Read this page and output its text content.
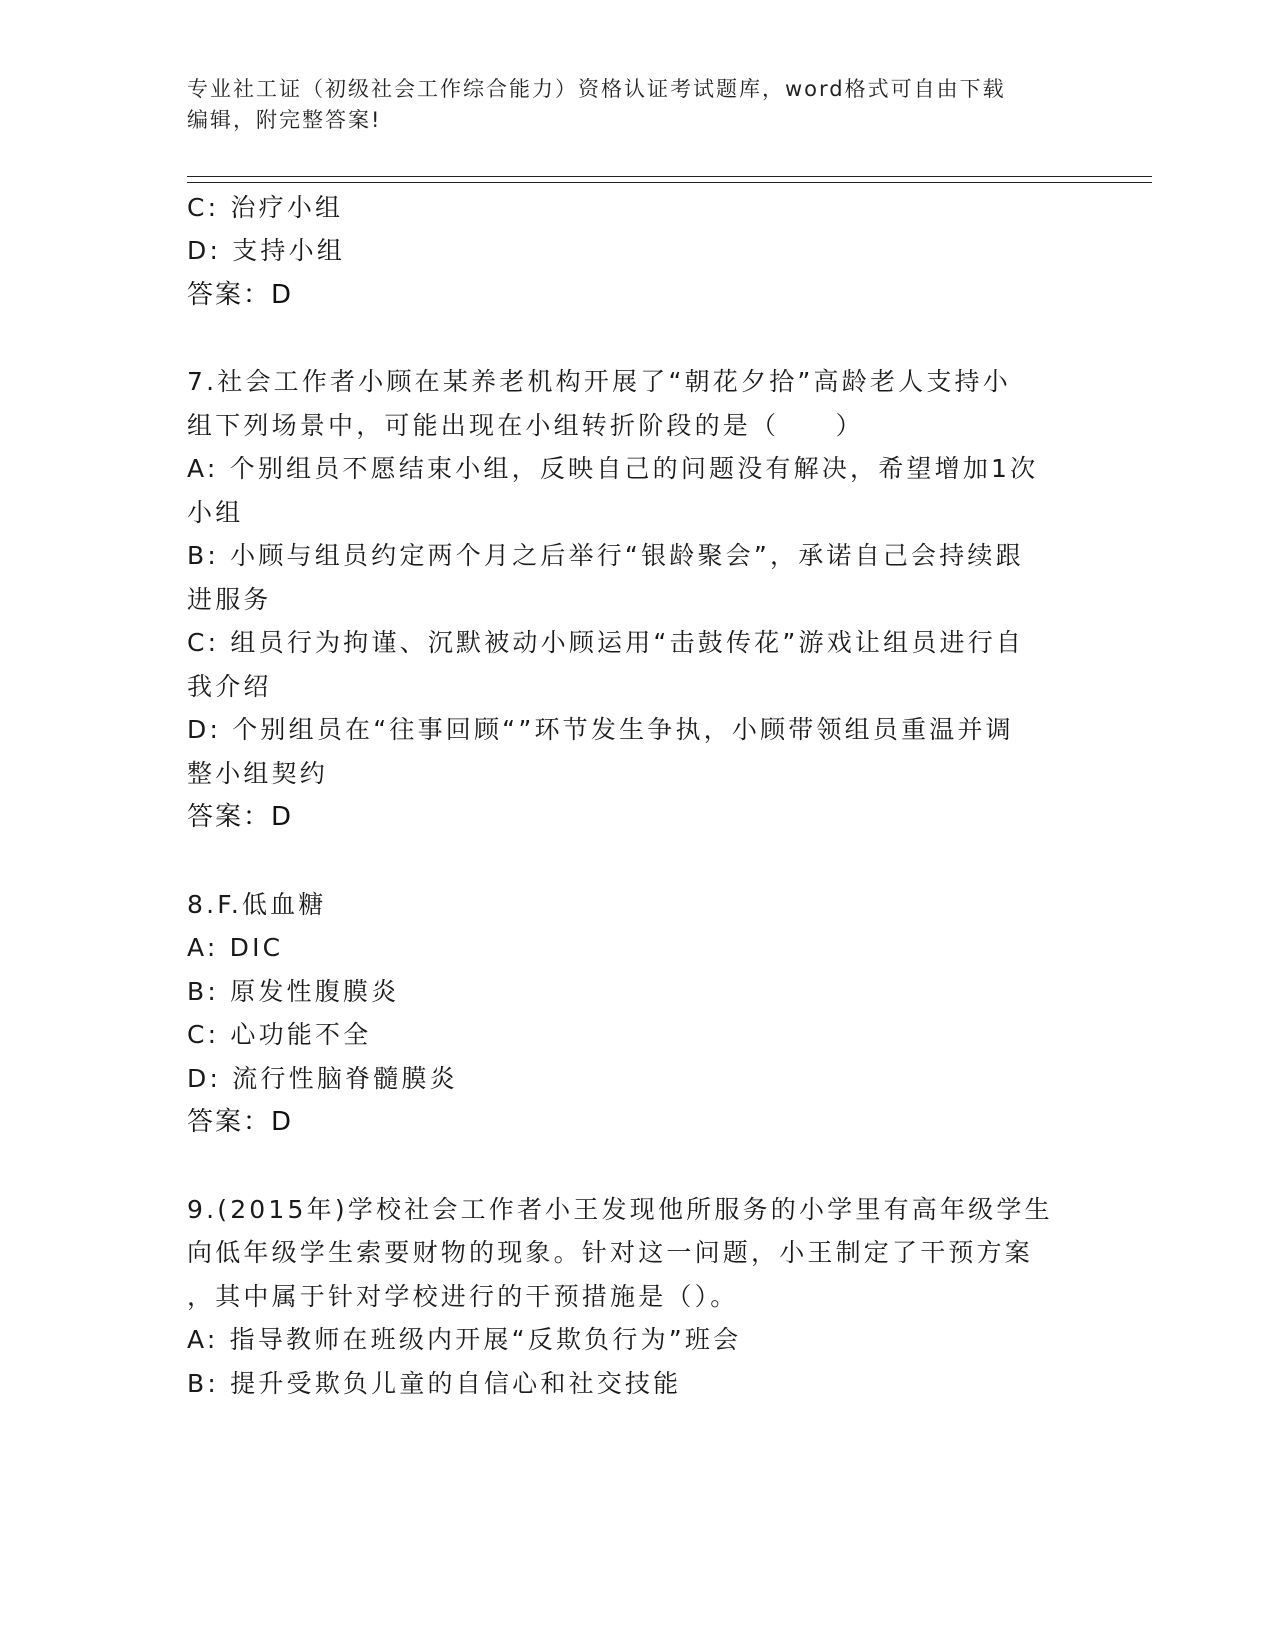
专业社工证（初级社会工作综合能力）资格认证考试题库，word格式可自由下载
编辑，附完整答案!
C: 治疗小组
D: 支持小组
答案：D
7.社会工作者小顾在某养老机构开展了“朝花夕拾”高龄老人支持小
组下列场景中，可能出现在小组转折阶段的是（　　）
A: 个别组员不愿结束小组，反映自己的问题没有解决，希望增加1次
小组
B: 小顾与组员约定两个月之后举行“银龄聚会”，承诺自己会持续跟
进服务
C: 组员行为拘谨、沉默被动小顾运用“击鼓传花”游戏让组员进行自
我介绍
D: 个别组员在“往事回顾“”环节发生争执，小顾带领组员重温并调
整小组契约
答案：D
8.F.低血糖
A: DIC
B: 原发性腹膜炎
C: 心功能不全
D: 流行性脑脊髓膜炎
答案：D
9.(2015年)学校社会工作者小王发现他所服务的小学里有高年级学生
向低年级学生索要财物的现象。针对这一问题，小王制定了干预方案
，其中属于针对学校进行的干预措施是（）。
A: 指导教师在班级内开展“反欺负行为”班会
B: 提升受欺负儿童的自信心和社交技能
